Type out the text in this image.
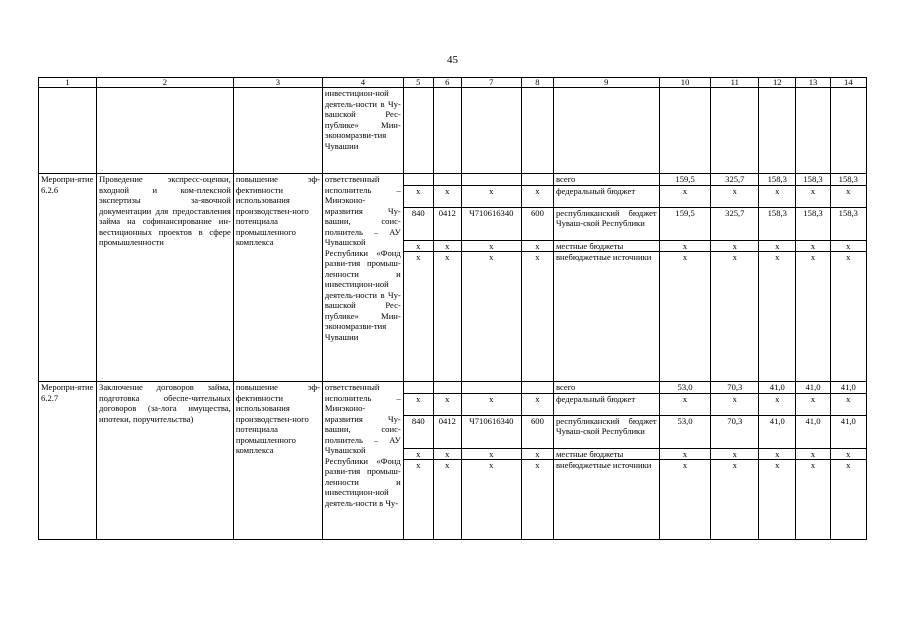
45
1	2	3	4	5	6	7	8	9	10	11	12	13	14
			инвестицион-ной деятель-ности в Чу-вашской Рес-публике» Мин-экономразви-тия Чувашии										
Меропри-ятие 6.2.6	Проведение экспресс-оценки, входной и ком-плексной экспертизы за-явочной документации для предоставления займа на софинансирование ин-вестиционных проектов в сфере промышленности	повышение эф-фективности использования производствен-ного потенциала промышленного комплекса	ответственный исполнитель – Минэконо-мразвития Чу-вашии, соис-полнитель – АУ Чувашской Республики «Фонд разви-тия промыш-ленности и инвестицион-ной деятель-ности в Чу-вашской Рес-публике» Мин-экономразви-тия Чувашии					всего	159,5	325,7	158,3	158,3	158,3
				x	x	x	x	федеральный бюджет	x	x	x	x	x
				840	0412	Ч710616340	600	республиканский бюджет Чуваш-ской Республики	159,5	325,7	158,3	158,3	158,3
				x	x	x	x	местные бюджеты	x	x	x	x	x
				x	x	x	x	внебюджетные источники	x	x	x	x	x
Меропри-ятие 6.2.7	Заключение договоров займа, подготовка обеспе-чительных договоров (за-лога имущества, ипотеки, поручительства)	повышение эф-фективности использования производствен-ного потенциала промышленного комплекса	ответственный исполнитель – Минэконо-мразвития Чу-вашии, соис-полнитель – АУ Чувашской Республики «Фонд разви-тия промыш-ленности и инвестицион-ной деятель-ности в Чу-					всего	53,0	70,3	41,0	41,0	41,0
				x	x	x	x	федеральный бюджет	x	x	x	x	x
				840	0412	Ч710616340	600	республиканский бюджет Чуваш-ской Республики	53,0	70,3	41,0	41,0	41,0
				x	x	x	x	местные бюджеты	x	x	x	x	x
				x	x	x	x	внебюджетные источники	x	x	x	x	x
